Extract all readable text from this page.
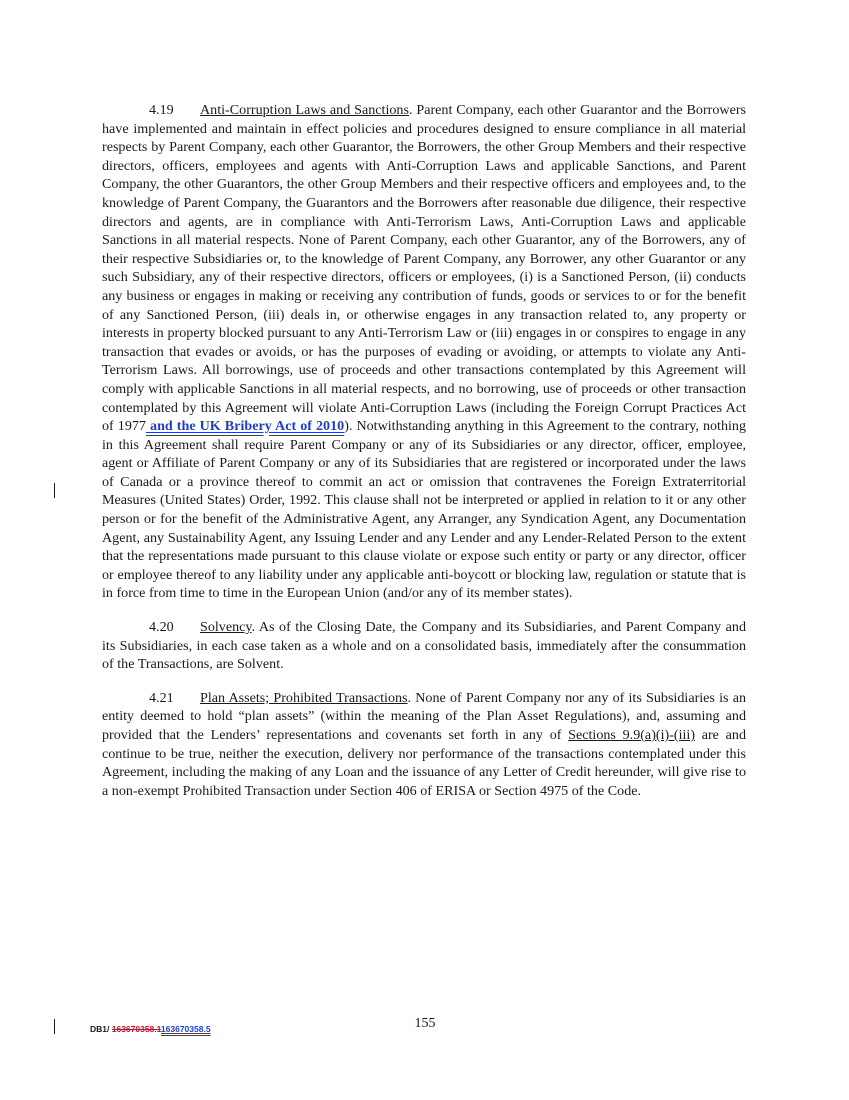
4.19 Anti-Corruption Laws and Sanctions. Parent Company, each other Guarantor and the Borrowers have implemented and maintain in effect policies and procedures designed to ensure compliance in all material respects by Parent Company, each other Guarantor, the Borrowers, the other Group Members and their respective directors, officers, employees and agents with Anti-Corruption Laws and applicable Sanctions, and Parent Company, the other Guarantors, the other Group Members and their respective officers and employees and, to the knowledge of Parent Company, the Guarantors and the Borrowers after reasonable due diligence, their respective directors and agents, are in compliance with Anti-Terrorism Laws, Anti-Corruption Laws and applicable Sanctions in all material respects. None of Parent Company, each other Guarantor, any of the Borrowers, any of their respective Subsidiaries or, to the knowledge of Parent Company, any Borrower, any other Guarantor or any such Subsidiary, any of their respective directors, officers or employees, (i) is a Sanctioned Person, (ii) conducts any business or engages in making or receiving any contribution of funds, goods or services to or for the benefit of any Sanctioned Person, (iii) deals in, or otherwise engages in any transaction related to, any property or interests in property blocked pursuant to any Anti-Terrorism Law or (iii) engages in or conspires to engage in any transaction that evades or avoids, or has the purposes of evading or avoiding, or attempts to violate any Anti-Terrorism Laws. All borrowings, use of proceeds and other transactions contemplated by this Agreement will comply with applicable Sanctions in all material respects, and no borrowing, use of proceeds or other transaction contemplated by this Agreement will violate Anti-Corruption Laws (including the Foreign Corrupt Practices Act of 1977 and the UK Bribery Act of 2010). Notwithstanding anything in this Agreement to the contrary, nothing in this Agreement shall require Parent Company or any of its Subsidiaries or any director, officer, employee, agent or Affiliate of Parent Company or any of its Subsidiaries that are registered or incorporated under the laws of Canada or a province thereof to commit an act or omission that contravenes the Foreign Extraterritorial Measures (United States) Order, 1992. This clause shall not be interpreted or applied in relation to it or any other person or for the benefit of the Administrative Agent, any Arranger, any Syndication Agent, any Documentation Agent, any Sustainability Agent, any Issuing Lender and any Lender and any Lender-Related Person to the extent that the representations made pursuant to this clause violate or expose such entity or party or any director, officer or employee thereof to any liability under any applicable anti-boycott or blocking law, regulation or statute that is in force from time to time in the European Union (and/or any of its member states).

4.20 Solvency. As of the Closing Date, the Company and its Subsidiaries, and Parent Company and its Subsidiaries, in each case taken as a whole and on a consolidated basis, immediately after the consummation of the Transactions, are Solvent.

4.21 Plan Assets; Prohibited Transactions. None of Parent Company nor any of its Subsidiaries is an entity deemed to hold “plan assets” (within the meaning of the Plan Asset Regulations), and, assuming and provided that the Lenders’ representations and covenants set forth in any of Sections 9.9(a)(i)-(iii) are and continue to be true, neither the execution, delivery nor performance of the transactions contemplated under this Agreement, including the making of any Loan and the issuance of any Letter of Credit hereunder, will give rise to a non-exempt Prohibited Transaction under Section 406 of ERISA or Section 4975 of the Code.

DB1/ 163670358.1163670358.5	155
